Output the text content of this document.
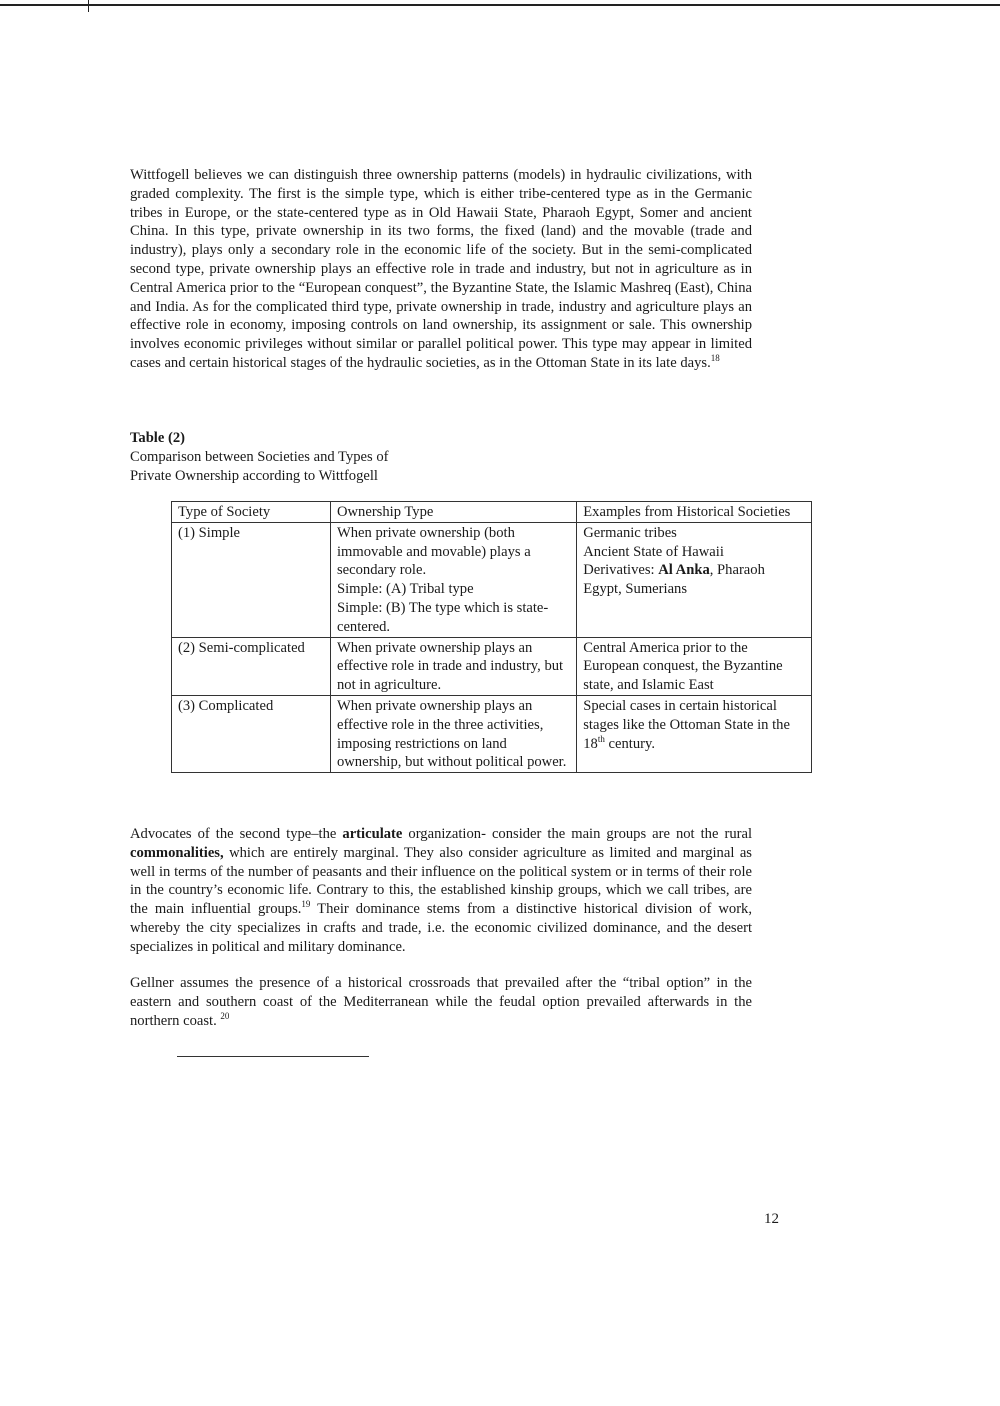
Wittfogell believes we can distinguish three ownership patterns (models) in hydraulic civilizations, with graded complexity. The first is the simple type, which is either tribe-centered type as in the Germanic tribes in Europe, or the state-centered type as in Old Hawaii State, Pharaoh Egypt, Somer and ancient China. In this type, private ownership in its two forms, the fixed (land) and the movable (trade and industry), plays only a secondary role in the economic life of the society. But in the semi-complicated second type, private ownership plays an effective role in trade and industry, but not in agriculture as in Central America prior to the “European conquest”, the Byzantine State, the Islamic Mashreq (East), China and India. As for the complicated third type, private ownership in trade, industry and agriculture plays an effective role in economy, imposing controls on land ownership, its assignment or sale. This ownership involves economic privileges without similar or parallel political power. This type may appear in limited cases and certain historical stages of the hydraulic societies, as in the Ottoman State in its late days.$^{18}$

Table (2)
Comparison between Societies and Types of
Private Ownership according to Wittfogell
Type of Society	Ownership Type	Examples from Historical Societies
(1) Simple	When private ownership (both immovable and movable) plays a secondary role.
Simple: (A) Tribal type
Simple: (B) The type which is state-centered.	Germanic tribes
Ancient State of Hawaii
Derivatives: Al Anka, Pharaoh Egypt, Sumerians

(2) Semi-complicated	When private ownership plays an effective role in trade and industry, but not in agriculture.	Central America prior to the European conquest, the Byzantine state, and Islamic East
(3) Complicated	When private ownership plays an effective role in the three activities, imposing restrictions on land ownership, but without political power.	Special cases in certain historical stages like the Ottoman State in the 18th century.

Advocates of the second type–the articulate organization- consider the main groups are not the rural commonalities, which are entirely marginal. They also consider agriculture as limited and marginal as well in terms of the number of peasants and their influence on the political system or in terms of their role in the country’s economic life. Contrary to this, the established kinship groups, which we call tribes, are the main influential groups.$^{19}$ Their dominance stems from a distinctive historical division of work, whereby the city specializes in crafts and trade, i.e. the economic civilized dominance, and the desert specializes in political and military dominance.

Gellner assumes the presence of a historical crossroads that prevailed after the “tribal option” in the eastern and southern coast of the Mediterranean while the feudal option prevailed afterwards in the northern coast. $^{20}$

12
